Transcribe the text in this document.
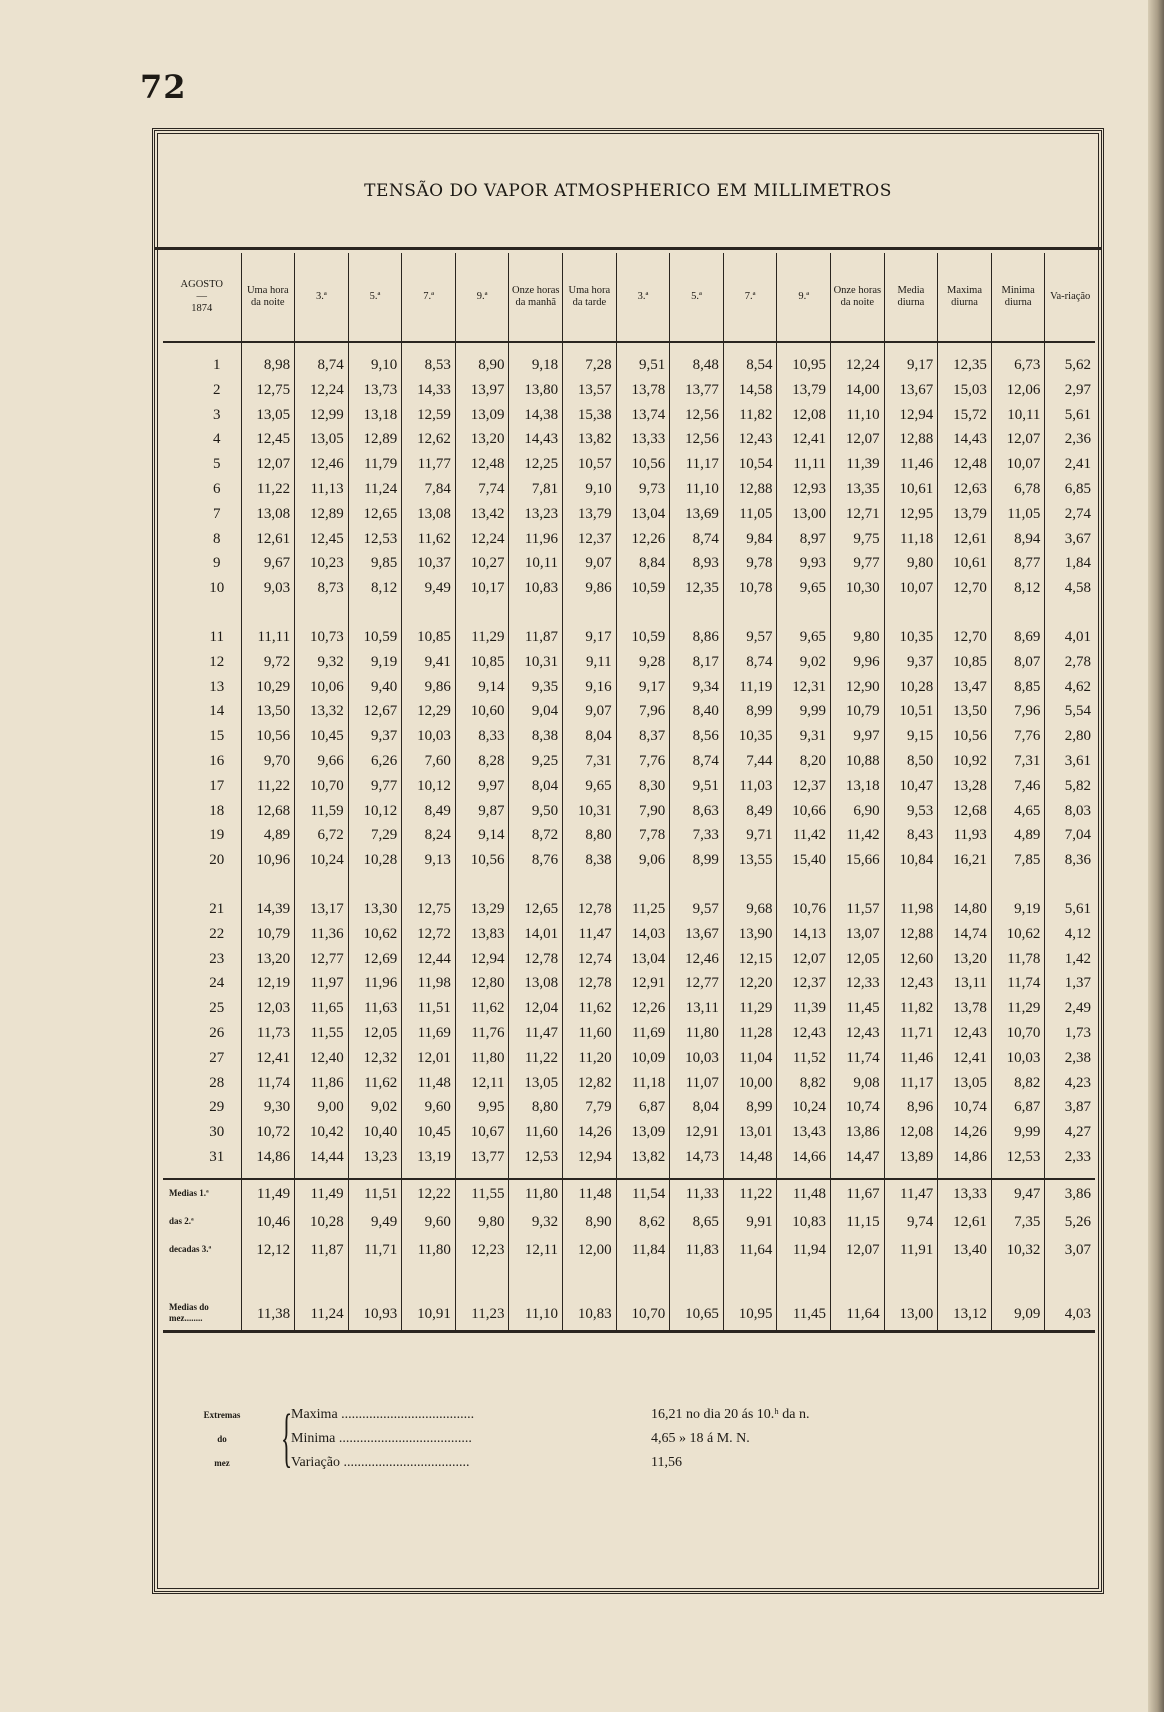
72
TENSÃO DO VAPOR ATMOSPHERICO EM MILLIMETROS
AGOSTO
—
1874	Uma hora da noite	3.ª	5.ª	7.ª	9.ª	Onze horas da manhã	Uma hora da tarde	3.ª	5.ª	7.ª	9.ª	Onze horas da noite	Media diurna	Maxima diurna	Minima diurna	Va-riação
1	8,98	8,74	9,10	8,53	8,90	9,18	7,28	9,51	8,48	8,54	10,95	12,24	9,17	12,35	6,73	5,62
2	12,75	12,24	13,73	14,33	13,97	13,80	13,57	13,78	13,77	14,58	13,79	14,00	13,67	15,03	12,06	2,97
3	13,05	12,99	13,18	12,59	13,09	14,38	15,38	13,74	12,56	11,82	12,08	11,10	12,94	15,72	10,11	5,61
4	12,45	13,05	12,89	12,62	13,20	14,43	13,82	13,33	12,56	12,43	12,41	12,07	12,88	14,43	12,07	2,36
5	12,07	12,46	11,79	11,77	12,48	12,25	10,57	10,56	11,17	10,54	11,11	11,39	11,46	12,48	10,07	2,41
6	11,22	11,13	11,24	7,84	7,74	7,81	9,10	9,73	11,10	12,88	12,93	13,35	10,61	12,63	6,78	6,85
7	13,08	12,89	12,65	13,08	13,42	13,23	13,79	13,04	13,69	11,05	13,00	12,71	12,95	13,79	11,05	2,74
8	12,61	12,45	12,53	11,62	12,24	11,96	12,37	12,26	8,74	9,84	8,97	9,75	11,18	12,61	8,94	3,67
9	9,67	10,23	9,85	10,37	10,27	10,11	9,07	8,84	8,93	9,78	9,93	9,77	9,80	10,61	8,77	1,84
10	9,03	8,73	8,12	9,49	10,17	10,83	9,86	10,59	12,35	10,78	9,65	10,30	10,07	12,70	8,12	4,58

11	11,11	10,73	10,59	10,85	11,29	11,87	9,17	10,59	8,86	9,57	9,65	9,80	10,35	12,70	8,69	4,01
12	9,72	9,32	9,19	9,41	10,85	10,31	9,11	9,28	8,17	8,74	9,02	9,96	9,37	10,85	8,07	2,78
13	10,29	10,06	9,40	9,86	9,14	9,35	9,16	9,17	9,34	11,19	12,31	12,90	10,28	13,47	8,85	4,62
14	13,50	13,32	12,67	12,29	10,60	9,04	9,07	7,96	8,40	8,99	9,99	10,79	10,51	13,50	7,96	5,54
15	10,56	10,45	9,37	10,03	8,33	8,38	8,04	8,37	8,56	10,35	9,31	9,97	9,15	10,56	7,76	2,80
16	9,70	9,66	6,26	7,60	8,28	9,25	7,31	7,76	8,74	7,44	8,20	10,88	8,50	10,92	7,31	3,61
17	11,22	10,70	9,77	10,12	9,97	8,04	9,65	8,30	9,51	11,03	12,37	13,18	10,47	13,28	7,46	5,82
18	12,68	11,59	10,12	8,49	9,87	9,50	10,31	7,90	8,63	8,49	10,66	6,90	9,53	12,68	4,65	8,03
19	4,89	6,72	7,29	8,24	9,14	8,72	8,80	7,78	7,33	9,71	11,42	11,42	8,43	11,93	4,89	7,04
20	10,96	10,24	10,28	9,13	10,56	8,76	8,38	9,06	8,99	13,55	15,40	15,66	10,84	16,21	7,85	8,36

21	14,39	13,17	13,30	12,75	13,29	12,65	12,78	11,25	9,57	9,68	10,76	11,57	11,98	14,80	9,19	5,61
22	10,79	11,36	10,62	12,72	13,83	14,01	11,47	14,03	13,67	13,90	14,13	13,07	12,88	14,74	10,62	4,12
23	13,20	12,77	12,69	12,44	12,94	12,78	12,74	13,04	12,46	12,15	12,07	12,05	12,60	13,20	11,78	1,42
24	12,19	11,97	11,96	11,98	12,80	13,08	12,78	12,91	12,77	12,20	12,37	12,33	12,43	13,11	11,74	1,37
25	12,03	11,65	11,63	11,51	11,62	12,04	11,62	12,26	13,11	11,29	11,39	11,45	11,82	13,78	11,29	2,49
26	11,73	11,55	12,05	11,69	11,76	11,47	11,60	11,69	11,80	11,28	12,43	12,43	11,71	12,43	10,70	1,73
27	12,41	12,40	12,32	12,01	11,80	11,22	11,20	10,09	10,03	11,04	11,52	11,74	11,46	12,41	10,03	2,38
28	11,74	11,86	11,62	11,48	12,11	13,05	12,82	11,18	11,07	10,00	8,82	9,08	11,17	13,05	8,82	4,23
29	9,30	9,00	9,02	9,60	9,95	8,80	7,79	6,87	8,04	8,99	10,24	10,74	8,96	10,74	6,87	3,87
30	10,72	10,42	10,40	10,45	10,67	11,60	14,26	13,09	12,91	13,01	13,43	13,86	12,08	14,26	9,99	4,27
31	14,86	14,44	13,23	13,19	13,77	12,53	12,94	13,82	14,73	14,48	14,66	14,47	13,89	14,86	12,53	2,33

Medias 1.ª	11,49	11,49	11,51	12,22	11,55	11,80	11,48	11,54	11,33	11,22	11,48	11,67	11,47	13,33	9,47	3,86

das 2.ª	10,46	10,28	9,49	9,60	9,80	9,32	8,90	8,62	8,65	9,91	10,83	11,15	9,74	12,61	7,35	5,26

decadas 3.ª	12,12	11,87	11,71	11,80	12,23	12,11	12,00	11,84	11,83	11,64	11,94	12,07	11,91	13,40	10,32	3,07

Medias do
mez........	11,38	11,24	10,93	10,91	11,23	11,10	10,83	10,70	10,65	10,95	11,45	11,64	13,00	13,12	9,09	4,03
Extremas
do
mez {
Maxima ......................................	16,21 no dia 20 ás 10.ʰ da n.
Minima ......................................	4,65 » 18 á M. N.
Variação ....................................	11,56
